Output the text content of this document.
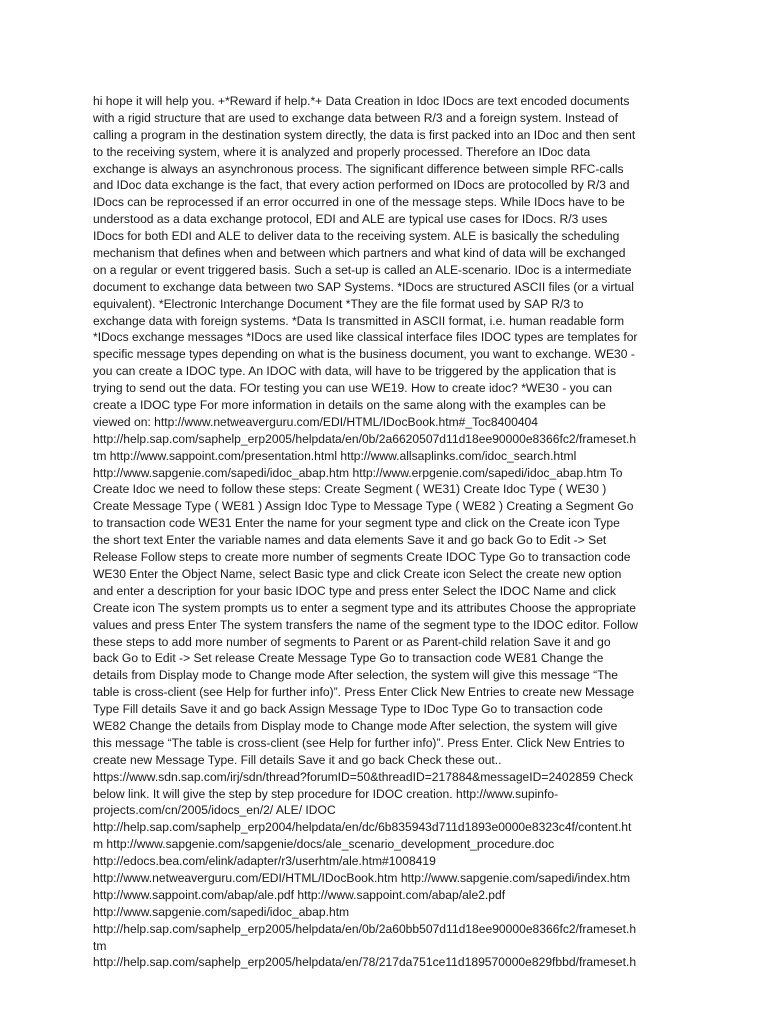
hi hope it will help you. +*Reward if help.*+ Data Creation in Idoc IDocs are text encoded documents
with a rigid structure that are used to exchange data between R/3 and a foreign system. Instead of
calling a program in the destination system directly, the data is first packed into an IDoc and then sent
to the receiving system, where it is analyzed and properly processed. Therefore an IDoc data
exchange is always an asynchronous process. The significant difference between simple RFC-calls
and IDoc data exchange is the fact, that every action performed on IDocs are protocolled by R/3 and
IDocs can be reprocessed if an error occurred in one of the message steps. While IDocs have to be
understood as a data exchange protocol, EDI and ALE are typical use cases for IDocs. R/3 uses
IDocs for both EDI and ALE to deliver data to the receiving system. ALE is basically the scheduling
mechanism that defines when and between which partners and what kind of data will be exchanged
on a regular or event triggered basis. Such a set-up is called an ALE-scenario. IDoc is a intermediate
document to exchange data between two SAP Systems. *IDocs are structured ASCII files (or a virtual
equivalent). *Electronic Interchange Document *They are the file format used by SAP R/3 to
exchange data with foreign systems. *Data Is transmitted in ASCII format, i.e. human readable form
*IDocs exchange messages *IDocs are used like classical interface files IDOC types are templates for
specific message types depending on what is the business document, you want to exchange. WE30 -
you can create a IDOC type. An IDOC with data, will have to be triggered by the application that is
trying to send out the data. FOr testing you can use WE19. How to create idoc? *WE30 - you can
create a IDOC type For more information in details on the same along with the examples can be
viewed on: http://www.netweaverguru.com/EDI/HTML/IDocBook.htm#_Toc8400404
http://help.sap.com/saphelp_erp2005/helpdata/en/0b/2a6620507d11d18ee90000e8366fc2/frameset.h
tm http://www.sappoint.com/presentation.html http://www.allsaplinks.com/idoc_search.html
http://www.sapgenie.com/sapedi/idoc_abap.htm http://www.erpgenie.com/sapedi/idoc_abap.htm To
Create Idoc we need to follow these steps: Create Segment ( WE31) Create Idoc Type ( WE30 )
Create Message Type ( WE81 ) Assign Idoc Type to Message Type ( WE82 ) Creating a Segment Go
to transaction code WE31 Enter the name for your segment type and click on the Create icon Type
the short text Enter the variable names and data elements Save it and go back Go to Edit -> Set
Release Follow steps to create more number of segments Create IDOC Type Go to transaction code
WE30 Enter the Object Name, select Basic type and click Create icon Select the create new option
and enter a description for your basic IDOC type and press enter Select the IDOC Name and click
Create icon The system prompts us to enter a segment type and its attributes Choose the appropriate
values and press Enter The system transfers the name of the segment type to the IDOC editor. Follow
these steps to add more number of segments to Parent or as Parent-child relation Save it and go
back Go to Edit -> Set release Create Message Type Go to transaction code WE81 Change the
details from Display mode to Change mode After selection, the system will give this message “The
table is cross-client (see Help for further info)”. Press Enter Click New Entries to create new Message
Type Fill details Save it and go back Assign Message Type to IDoc Type Go to transaction code
WE82 Change the details from Display mode to Change mode After selection, the system will give
this message “The table is cross-client (see Help for further info)”. Press Enter. Click New Entries to
create new Message Type. Fill details Save it and go back Check these out..
https://www.sdn.sap.com/irj/sdn/thread?forumID=50&threadID=217884&messageID=2402859 Check
below link. It will give the step by step procedure for IDOC creation. http://www.supinfo-
projects.com/cn/2005/idocs_en/2/ ALE/ IDOC
http://help.sap.com/saphelp_erp2004/helpdata/en/dc/6b835943d711d1893e0000e8323c4f/content.ht
m http://www.sapgenie.com/sapgenie/docs/ale_scenario_development_procedure.doc
http://edocs.bea.com/elink/adapter/r3/userhtm/ale.htm#1008419
http://www.netweaverguru.com/EDI/HTML/IDocBook.htm http://www.sapgenie.com/sapedi/index.htm
http://www.sappoint.com/abap/ale.pdf http://www.sappoint.com/abap/ale2.pdf
http://www.sapgenie.com/sapedi/idoc_abap.htm
http://help.sap.com/saphelp_erp2005/helpdata/en/0b/2a60bb507d11d18ee90000e8366fc2/frameset.h
tm
http://help.sap.com/saphelp_erp2005/helpdata/en/78/217da751ce11d189570000e829fbbd/frameset.h
